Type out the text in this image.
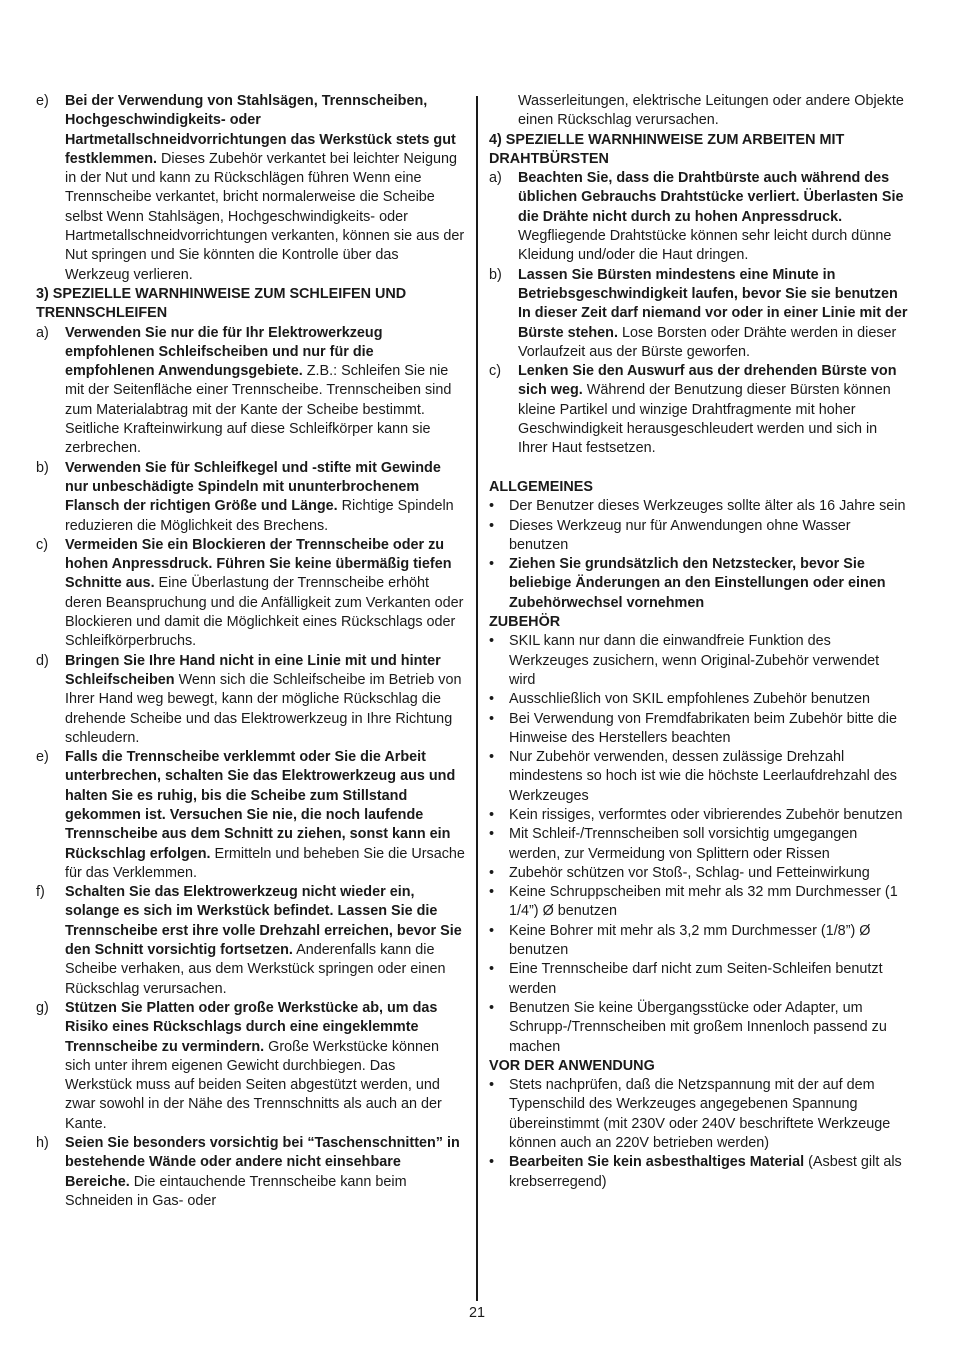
e)	Bei der Verwendung von Stahlsägen, Trennscheiben, Hochgeschwindigkeits- oder Hartmetallschneidvorrichtungen das Werkstück stets gut festklemmen. Dieses Zubehör verkantet bei leichter Neigung in der Nut und kann zu Rückschlägen führen Wenn eine Trennscheibe verkantet, bricht normalerweise die Scheibe selbst Wenn Stahlsägen, Hochgeschwindigkeits- oder Hartmetallschneidvorrichtungen verkanten, können sie aus der Nut springen und Sie könnten die Kontrolle über das Werkzeug verlieren.
3) SPEZIELLE WARNHINWEISE ZUM SCHLEIFEN UND TRENNSCHLEIFEN
a)	Verwenden Sie nur die für Ihr Elektrowerkzeug empfohlenen Schleifscheiben und nur für die empfohlenen Anwendungsgebiete. Z.B.: Schleifen Sie nie mit der Seitenfläche einer Trennscheibe. Trennscheiben sind zum Materialabtrag mit der Kante der Scheibe bestimmt. Seitliche Krafteinwirkung auf diese Schleifkörper kann sie zerbrechen.
b)	Verwenden Sie für Schleifkegel und -stifte mit Gewinde nur unbeschädigte Spindeln mit ununterbrochenem Flansch der richtigen Größe und Länge. Richtige Spindeln reduzieren die Möglichkeit des Brechens.
c)	Vermeiden Sie ein Blockieren der Trennscheibe oder zu hohen Anpressdruck. Führen Sie keine übermäßig tiefen Schnitte aus. Eine Überlastung der Trennscheibe erhöht deren Beanspruchung und die Anfälligkeit zum Verkanten oder Blockieren und damit die Möglichkeit eines Rückschlags oder Schleifkörperbruchs.
d)	Bringen Sie Ihre Hand nicht in eine Linie mit und hinter Schleifscheiben Wenn sich die Schleifscheibe im Betrieb von Ihrer Hand weg bewegt, kann der mögliche Rückschlag die drehende Scheibe und das Elektrowerkzeug in Ihre Richtung schleudern.
e)	Falls die Trennscheibe verklemmt oder Sie die Arbeit unterbrechen, schalten Sie das Elektrowerkzeug aus und halten Sie es ruhig, bis die Scheibe zum Stillstand gekommen ist. Versuchen Sie nie, die noch laufende Trennscheibe aus dem Schnitt zu ziehen, sonst kann ein Rückschlag erfolgen. Ermitteln und beheben Sie die Ursache für das Verklemmen.
f)	Schalten Sie das Elektrowerkzeug nicht wieder ein, solange es sich im Werkstück befindet. Lassen Sie die Trennscheibe erst ihre volle Drehzahl erreichen, bevor Sie den Schnitt vorsichtig fortsetzen. Anderenfalls kann die Scheibe verhaken, aus dem Werkstück springen oder einen Rückschlag verursachen.
g)	Stützen Sie Platten oder große Werkstücke ab, um das Risiko eines Rückschlags durch eine eingeklemmte Trennscheibe zu vermindern. Große Werkstücke können sich unter ihrem eigenen Gewicht durchbiegen. Das Werkstück muss auf beiden Seiten abgestützt werden, und zwar sowohl in der Nähe des Trennschnitts als auch an der Kante.
h)	Seien Sie besonders vorsichtig bei “Taschenschnitten” in bestehende Wände oder andere nicht einsehbare Bereiche. Die eintauchende Trennscheibe kann beim Schneiden in Gas- oder
Wasserleitungen, elektrische Leitungen oder andere Objekte einen Rückschlag verursachen.
4) SPEZIELLE WARNHINWEISE ZUM ARBEITEN MIT DRAHTBÜRSTEN
a)	Beachten Sie, dass die Drahtbürste auch während des üblichen Gebrauchs Drahtstücke verliert. Überlasten Sie die Drähte nicht durch zu hohen Anpressdruck. Wegfliegende Drahtstücke können sehr leicht durch dünne Kleidung und/oder die Haut dringen.
b)	Lassen Sie Bürsten mindestens eine Minute in Betriebsgeschwindigkeit laufen, bevor Sie sie benutzen In dieser Zeit darf niemand vor oder in einer Linie mit der Bürste stehen. Lose Borsten oder Drähte werden in dieser Vorlaufzeit aus der Bürste geworfen.
c)	Lenken Sie den Auswurf aus der drehenden Bürste von sich weg. Während der Benutzung dieser Bürsten können kleine Partikel und winzige Drahtfragmente mit hoher Geschwindigkeit herausgeschleudert werden und sich in Ihrer Haut festsetzen.
ALLGEMEINES
•	Der Benutzer dieses Werkzeuges sollte älter als 16 Jahre sein
•	Dieses Werkzeug nur für Anwendungen ohne Wasser benutzen
•	Ziehen Sie grundsätzlich den Netzstecker, bevor Sie beliebige Änderungen an den Einstellungen oder einen Zubehörwechsel vornehmen
ZUBEHÖR
•	SKIL kann nur dann die einwandfreie Funktion des Werkzeuges zusichern, wenn Original-Zubehör verwendet wird
•	Ausschließlich von SKIL empfohlenes Zubehör benutzen
•	Bei Verwendung von Fremdfabrikaten beim Zubehör bitte die Hinweise des Herstellers beachten
•	Nur Zubehör verwenden, dessen zulässige Drehzahl mindestens so hoch ist wie die höchste Leerlaufdrehzahl des Werkzeuges
•	Kein rissiges, verformtes oder vibrierendes Zubehör benutzen
•	Mit Schleif-/Trennscheiben soll vorsichtig umgegangen werden, zur Vermeidung von Splittern oder Rissen
•	Zubehör schützen vor Stoß-, Schlag- und Fetteinwirkung
•	Keine Schruppscheiben mit mehr als 32 mm Durchmesser (1 1/4”) Ø benutzen
•	Keine Bohrer mit mehr als 3,2 mm Durchmesser (1/8”) Ø benutzen
•	Eine Trennscheibe darf nicht zum Seiten-Schleifen benutzt werden
•	Benutzen Sie keine Übergangsstücke oder Adapter, um Schrupp-/Trennscheiben mit großem Innenloch passend zu machen
VOR DER ANWENDUNG
•	Stets nachprüfen, daß die Netzspannung mit der auf dem Typenschild des Werkzeuges angegebenen Spannung übereinstimmt (mit 230V oder 240V beschriftete Werkzeuge können auch an 220V betrieben werden)
•	Bearbeiten Sie kein asbesthaltiges Material (Asbest gilt als krebserregend)
21
